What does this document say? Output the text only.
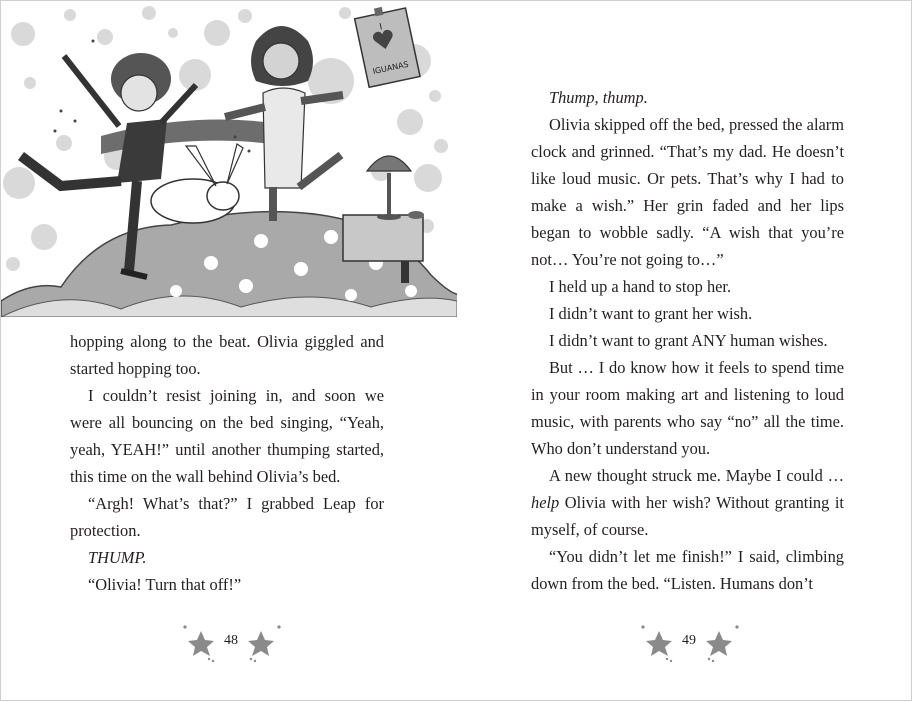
I
IGUANAS

hopping along to the beat. Olivia giggled and started hopping too.

I couldn’t resist joining in, and soon we were all bouncing on the bed singing, “Yeah, yeah, YEAH!” until another thumping started, this time on the wall behind Olivia’s bed.

“Argh! What’s that?” I grabbed Leap for protection.

THUMP.

“Olivia! Turn that off!”

48

Thump, thump.

Olivia skipped off the bed, pressed the alarm clock and grinned. “That’s my dad. He doesn’t like loud music. Or pets. That’s why I had to make a wish.” Her grin faded and her lips began to wobble sadly. “A wish that you’re not… You’re not going to…”

I held up a hand to stop her.

I didn’t want to grant her wish.

I didn’t want to grant ANY human wishes.

But … I do know how it feels to spend time in your room making art and listening to loud music, with parents who say “no” all the time. Who don’t understand you.

A new thought struck me. Maybe I could … help Olivia with her wish? Without granting it myself, of course.

“You didn’t let me finish!” I said, climbing down from the bed. “Listen. Humans don’t

49
